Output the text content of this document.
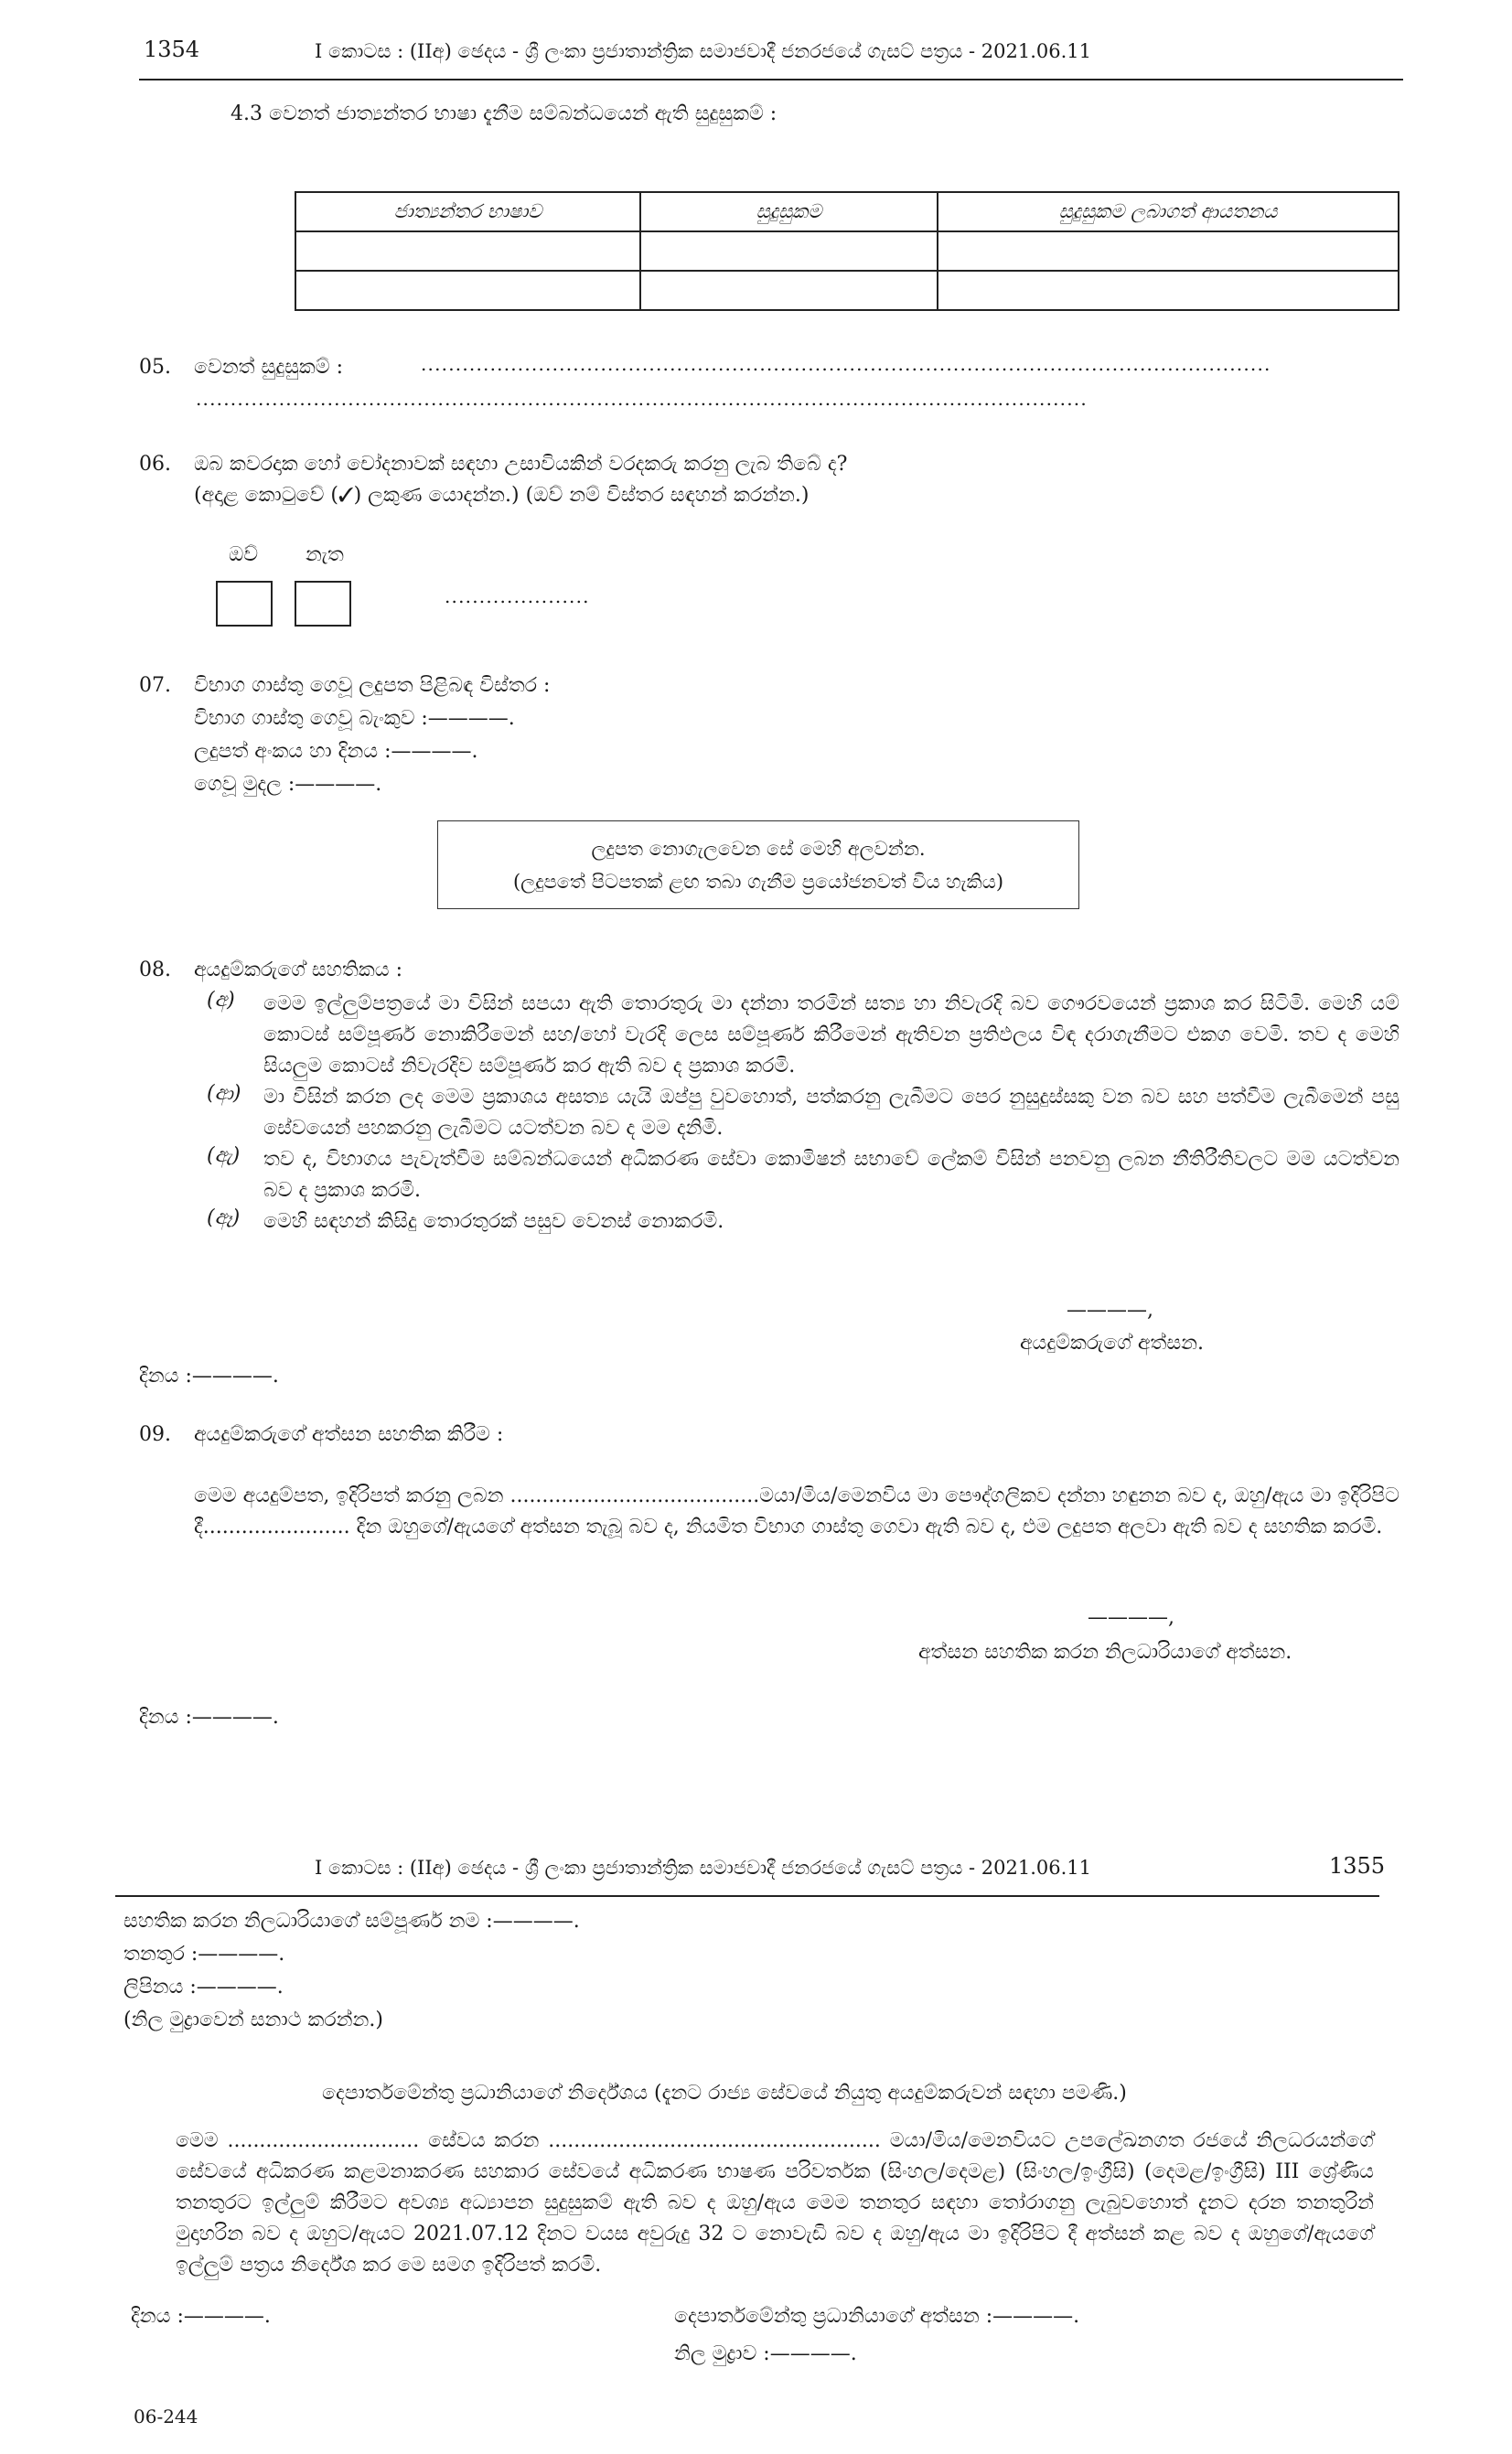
1354	I කොටස : (IIඅ) ඡෙදය - ශ්‍රී ලංකා ප්‍රජාතාන්ත්‍රික සමාජවාදී ජනරජයේ ගැසට් පත්‍රය - 2021.06.11
4.3 වෙනත් ජාත්‍යන්තර භාෂා දැනීම සම්බන්ධයෙන් ඇති සුදුසුකම් :
ජාත්‍යන්තර භාෂාව	සුදුසුකම	සුදුසුකම ලබාගත් ආයතනය

05. වෙනත් සුදුසුකම් :	...........................................................................................................................
.................................................................................................................................
06. ඔබ කවරදාක හෝ චෝදනාවක් සඳහා උසාවියකින් වරදකරු කරනු ලැබ තිබේ ද?
(අදාළ කොටුවේ (✓) ලකුණ යොදන්න.) (ඔව් නම් විස්තර සඳහන් කරන්න.)
ඔව් නැත
.....................
07. විභාග ගාස්තු ගෙවූ ලදුපත පිළිබඳ විස්තර :
විභාග ගාස්තු ගෙවූ බැංකුව :————.
ලදුපත් අංකය හා දිනය :————.
ගෙවූ මුදල :————.
ලදුපත නොගැලවෙන සේ මෙහි අලවන්න.
(ලදුපතේ පිටපතක් ළඟ තබා ගැනීම ප්‍රයෝජනවත් විය හැකිය)
08. අයදුම්කරුගේ සහතිකය :
(අ) මෙම ඉල්ලුම්පත්‍රයේ මා විසින් සපයා ඇති තොරතුරු මා දන්නා තරමින් සත්‍ය හා නිවැරදි බව ගෞරවයෙන් ප්‍රකාශ කර සිටිමි. මෙහි යම් කොටස් සම්පූර්ණ නොකිරීමෙන් සහ/හෝ වැරදි ලෙස සම්පූර්ණ කිරීමෙන් ඇතිවන ප්‍රතිඵලය විඳ දරාගැනීමට එකග වෙමි. තව ද මෙහි සියලුම කොටස් නිවැරදිව සම්පූර්ණ කර ඇති බව ද ප්‍රකාශ කරමි.
(ආ) මා විසින් කරන ලද මෙම ප්‍රකාශය අසත්‍ය යැයි ඔප්පු වුවහොත්, පත්කරනු ලැබීමට පෙර නුසුදුස්සකු වන බව සහ පත්වීම ලැබීමෙන් පසු සේවයෙන් පහකරනු ලැබීමට යටත්වන බව ද මම දනිමි.
(ඇ) තව ද, විභාගය පැවැත්වීම සම්බන්ධයෙන් අධිකරණ සේවා කොමිෂන් සභාවේ ලේකම් විසින් පනවනු ලබන නීතිරීතිවලට මම යටත්වන බව ද ප්‍රකාශ කරමි.
(ඈ) මෙහි සඳහන් කිසිදු තොරතුරක් පසුව වෙනස් නොකරමි.
————,
අයදුම්කරුගේ අත්සන.
දිනය :————.
09. අයදුම්කරුගේ අත්සන සහතික කිරීම :
මෙම අයදුම්පත, ඉදිරිපත් කරනු ලබන .......................................මයා/මිය/මෙනවිය මා පෞද්ගලිකව දන්නා හඳුනන බව ද, ඔහු/ඇය මා ඉදිරිපිට දී....................... දින ඔහුගේ/ඇයගේ අත්සන තැබූ බව ද, නියමිත විභාග ගාස්තු ගෙවා ඇති බව ද, එම ලදුපත අලවා ඇති බව ද සහතික කරමි.
————,
අත්සන සහතික කරන නිලධාරියාගේ අත්සන.
දිනය :————.
I කොටස : (IIඅ) ඡෙදය - ශ්‍රී ලංකා ප්‍රජාතාන්ත්‍රික සමාජවාදී ජනරජයේ ගැසට් පත්‍රය - 2021.06.11	1355
සහතික කරන නිලධාරියාගේ සම්පූර්ණ නම :————.
තනතුර :————.
ලිපිනය :————.
(නිල මුද්‍රාවෙන් සනාථ කරන්න.)
දෙපාර්තමේන්තු ප්‍රධානියාගේ නිර්දේශය (දැනට රාජ්‍ය සේවයේ නියුතු අයදුම්කරුවන් සඳහා පමණි.)
මෙම .............................. සේවය කරන .................................................... මයා/මිය/මෙනවියට උපලේඛනගත රජයේ නිලධරයන්ගේ සේවයේ අධිකරණ කළමනාකරණ සහකාර සේවයේ අධිකරණ භාෂණ පරිවර්තක (සිංහල/දෙමළ) (සිංහල/ඉංග්‍රීසි) (දෙමළ/ඉංග්‍රීසි) III ශ්‍රේණිය තනතුරට ඉල්ලුම් කිරීමට අවශ්‍ය අධ්‍යාපන සුදුසුකම් ඇති බව ද ඔහු/ඇය මෙම තනතුර සඳහා තෝරාගනු ලැබුවහොත් දැනට දරන තනතුරින් මුදාහරින බව ද ඔහුට/ඇයට 2021.07.12 දිනට වයස අවුරුදු 32 ට නොවැඩි බව ද ඔහු/ඇය මා ඉදිරිපිට දී අත්සන් කළ බව ද ඔහුගේ/ඇයගේ ඉල්ලුම් පත්‍රය නිර්දේශ කර මෙ සමග ඉදිරිපත් කරමි.
දිනය :————.	දෙපාර්තමේන්තු ප්‍රධානියාගේ අත්සන :————.
නිල මුද්‍රාව :————.
06-244
